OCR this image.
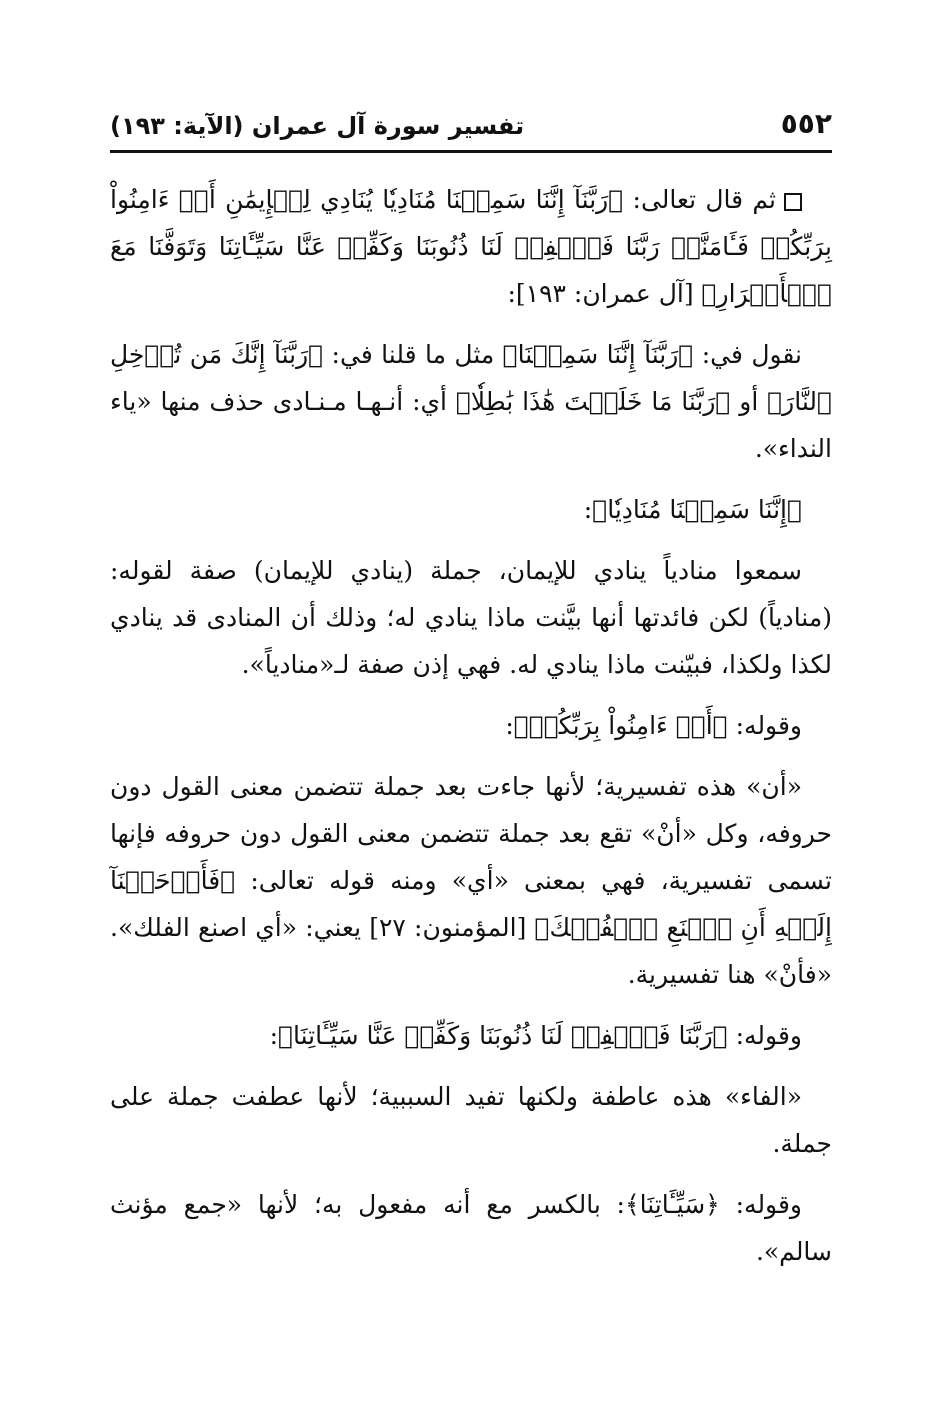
٥٥٢
تفسير سورة آل عمران (الآية: ١٩٣)

ثم قال تعالى: ﴿رَبَّنَآ إِنَّنَا سَمِعۡنَا مُنَادِيٗا يُنَادِي لِلۡإِيمَٰنِ أَنۡ ءَامِنُواْ بِرَبِّكُمۡ فَـَٔامَنَّاۚ رَبَّنَا فَٱغۡفِرۡ لَنَا ذُنُوبَنَا وَكَفِّرۡ عَنَّا سَيِّـَٔاتِنَا وَتَوَفَّنَا مَعَ ٱلۡأَبۡرَارِ﴾ [آل عمران: ١٩٣]:

نقول في: ﴿رَبَّنَآ إِنَّنَا سَمِعۡنَا﴾ مثل ما قلنا في: ﴿رَبَّنَآ إِنَّكَ مَن تُدۡخِلِ ٱلنَّارَ﴾ أو ﴿رَبَّنَا مَا خَلَقۡتَ هَٰذَا بَٰطِلٗا﴾ أي: أنـهـا مـنـادى حذف منها «ياء النداء».

﴿إِنَّنَا سَمِعۡنَا مُنَادِيٗا﴾:

سمعوا منادياً ينادي للإيمان، جملة (ينادي للإيمان) صفة لقوله: (منادياً) لكن فائدتها أنها بيَّنت ماذا ينادي له؛ وذلك أن المنادى قد ينادي لكذا ولكذا، فبيّنت ماذا ينادي له. فهي إذن صفة لـ«منادياً».

وقوله: ﴿أَنۡ ءَامِنُواْ بِرَبِّكُمۡ﴾:

«أن» هذه تفسيرية؛ لأنها جاءت بعد جملة تتضمن معنى القول دون حروفه، وكل «أنْ» تقع بعد جملة تتضمن معنى القول دون حروفه فإنها تسمى تفسيرية، فهي بمعنى «أي» ومنه قوله تعالى: ﴿فَأَوۡحَيۡنَآ إِلَيۡهِ أَنِ ٱصۡنَعِ ٱلۡفُلۡكَ﴾ [المؤمنون: ٢٧] يعني: «أي اصنع الفلك». «فأنْ» هنا تفسيرية.

وقوله: ﴿رَبَّنَا فَٱغۡفِرۡ لَنَا ذُنُوبَنَا وَكَفِّرۡ عَنَّا سَيِّـَٔاتِنَا﴾:

«الفاء» هذه عاطفة ولكنها تفيد السببية؛ لأنها عطفت جملة على جملة.

وقوله: ﴿سَيِّـَٔاتِنَا﴾: بالكسر مع أنه مفعول به؛ لأنها «جمع مؤنث سالم».
